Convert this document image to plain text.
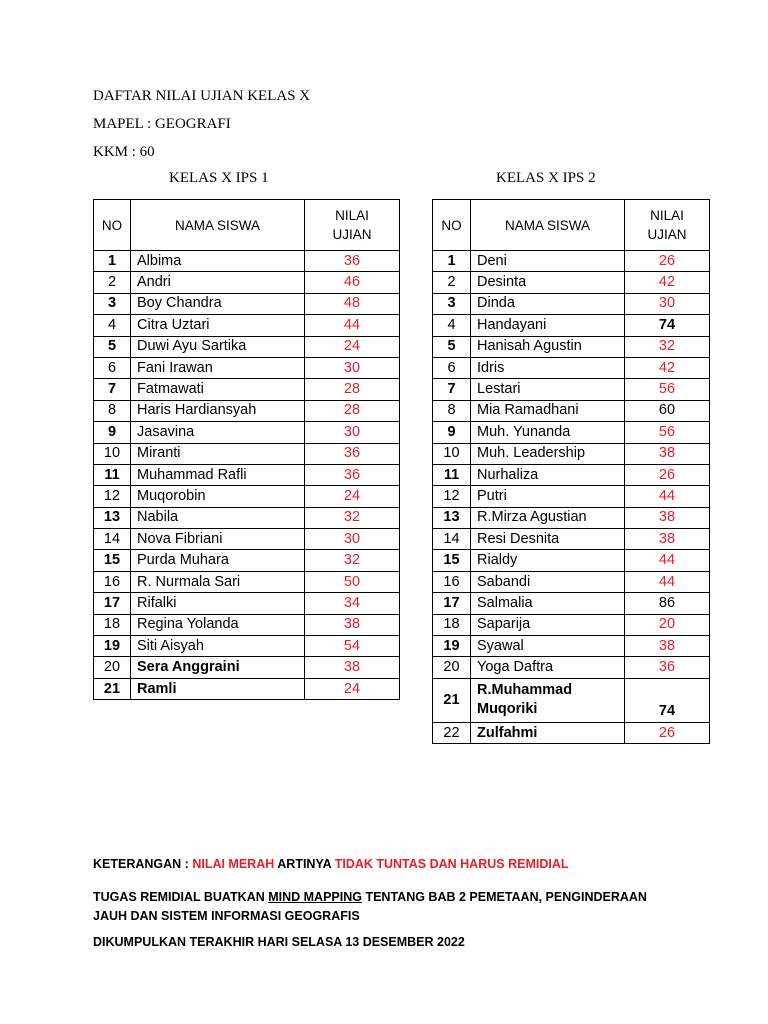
DAFTAR NILAI UJIAN KELAS X
MAPEL : GEOGRAFI
KKM : 60
KELAS X IPS 1	KELAS X IPS 2
NO	NAMA SISWA	NILAI
UJIAN
1	Albima	36
2	Andri	46
3	Boy Chandra	48
4	Citra Uztari	44
5	Duwi Ayu Sartika	24
6	Fani Irawan	30
7	Fatmawati	28
8	Haris Hardiansyah	28
9	Jasavina	30
10	Miranti	36
11	Muhammad Rafli	36
12	Muqorobin	24
13	Nabila	32
14	Nova Fibriani	30
15	Purda Muhara	32
16	R. Nurmala Sari	50
17	Rifalki	34
18	Regina Yolanda	38
19	Siti Aisyah	54
20	Sera Anggraini	38
21	Ramli	24
NO	NAMA SISWA	NILAI
UJIAN
1	Deni	26
2	Desinta	42
3	Dinda	30
4	Handayani	74
5	Hanisah Agustin	32
6	Idris	42
7	Lestari	56
8	Mia Ramadhani	60
9	Muh. Yunanda	56
10	Muh. Leadership	38
11	Nurhaliza	26
12	Putri	44
13	R.Mirza Agustian	38
14	Resi Desnita	38
15	Rialdy	44
16	Sabandi	44
17	Salmalia	86
18	Saparija	20
19	Syawal	38
20	Yoga Daftra	36
21	R.Muhammad
Muqoriki	74
22	Zulfahmi	26
KETERANGAN : NILAI MERAH ARTINYA TIDAK TUNTAS DAN HARUS REMIDIAL
TUGAS REMIDIAL BUATKAN MIND MAPPING TENTANG BAB 2 PEMETAAN, PENGINDERAAN
JAUH DAN SISTEM INFORMASI GEOGRAFIS
DIKUMPULKAN TERAKHIR HARI SELASA 13 DESEMBER 2022
